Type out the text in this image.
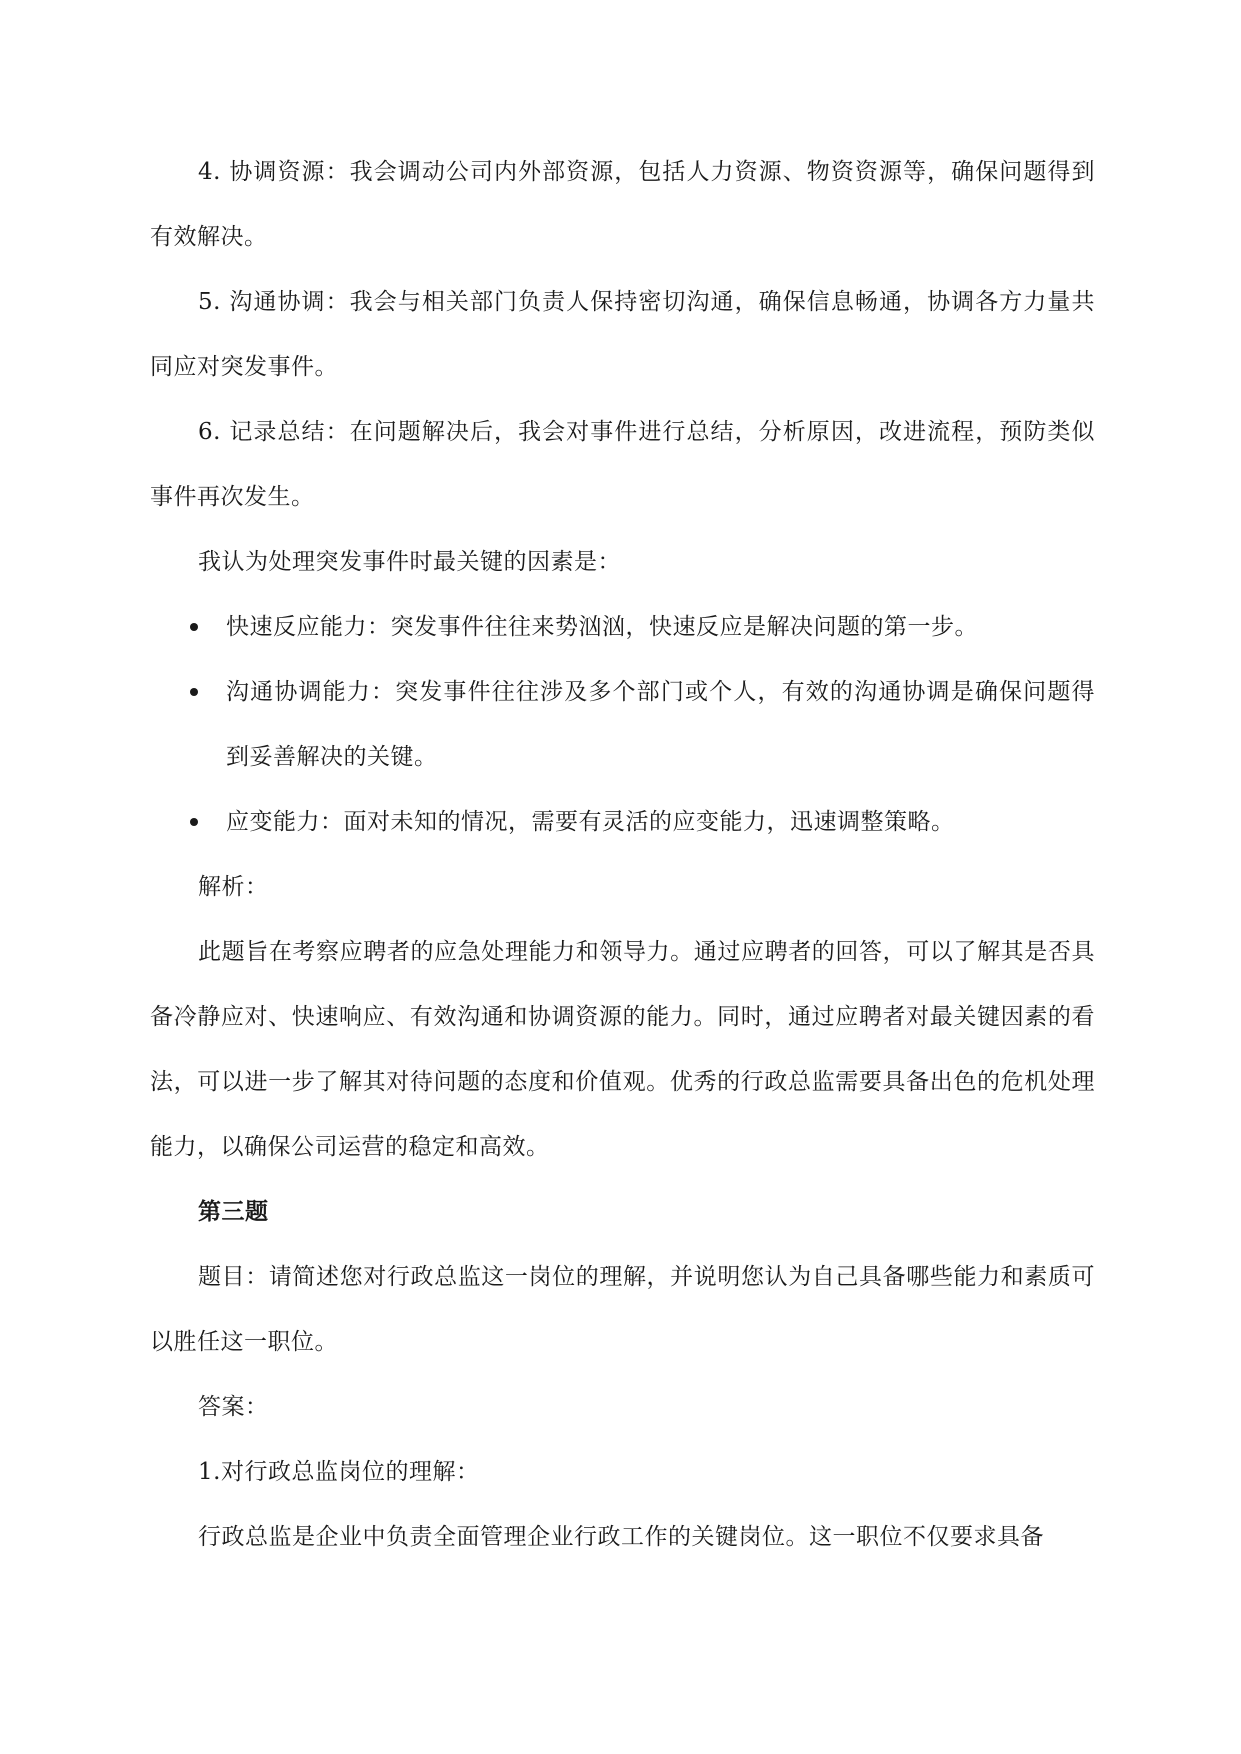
4. 协调资源：我会调动公司内外部资源，包括人力资源、物资资源等，确保问题得到有效解决。

5. 沟通协调：我会与相关部门负责人保持密切沟通，确保信息畅通，协调各方力量共同应对突发事件。

6. 记录总结：在问题解决后，我会对事件进行总结，分析原因，改进流程，预防类似事件再次发生。

我认为处理突发事件时最关键的因素是：

快速反应能力：突发事件往往来势汹汹，快速反应是解决问题的第一步。
沟通协调能力：突发事件往往涉及多个部门或个人，有效的沟通协调是确保问题得到妥善解决的关键。
应变能力：面对未知的情况，需要有灵活的应变能力，迅速调整策略。

解析：

此题旨在考察应聘者的应急处理能力和领导力。通过应聘者的回答，可以了解其是否具备冷静应对、快速响应、有效沟通和协调资源的能力。同时，通过应聘者对最关键因素的看法，可以进一步了解其对待问题的态度和价值观。优秀的行政总监需要具备出色的危机处理能力，以确保公司运营的稳定和高效。

第三题

题目：请简述您对行政总监这一岗位的理解，并说明您认为自己具备哪些能力和素质可以胜任这一职位。

答案：

1.对行政总监岗位的理解：

行政总监是企业中负责全面管理企业行政工作的关键岗位。这一职位不仅要求具备
